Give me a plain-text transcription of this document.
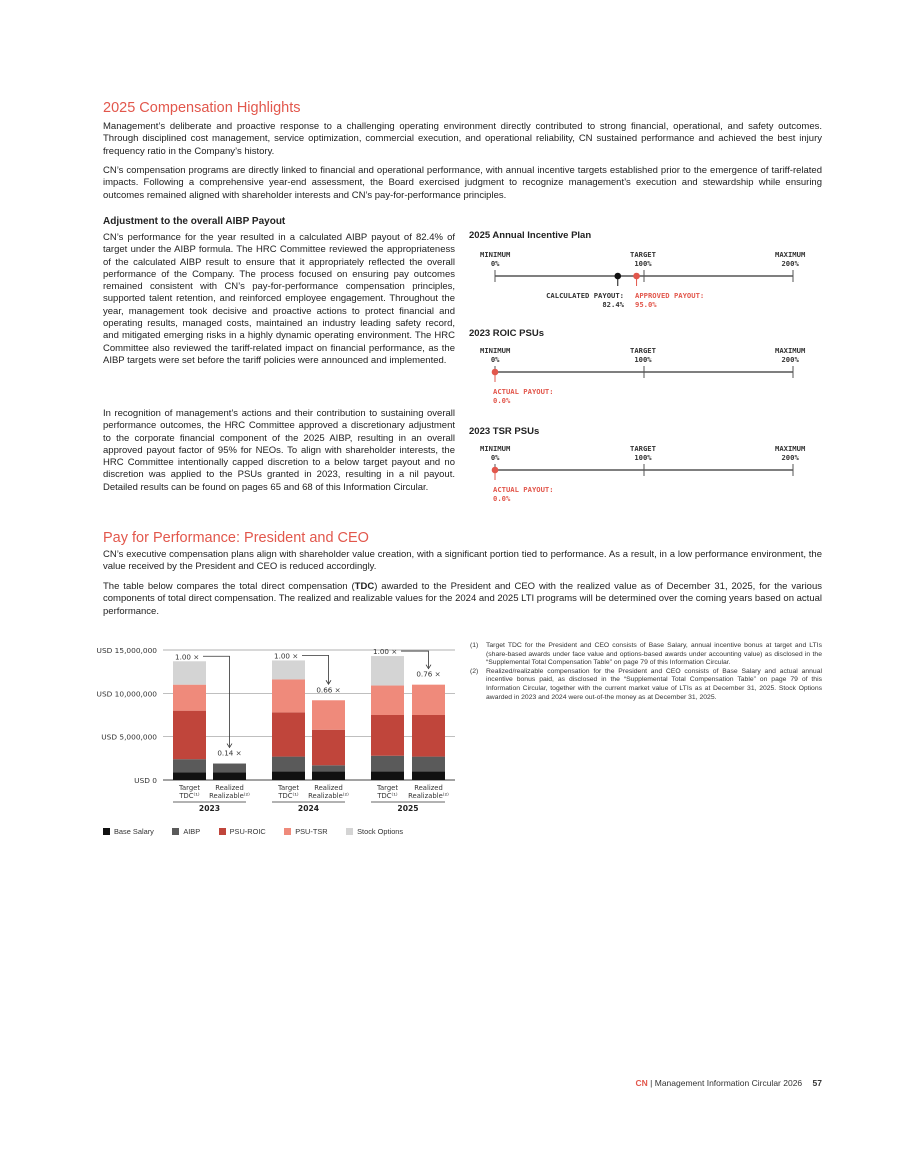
2025 Compensation Highlights

Management’s deliberate and proactive response to a challenging operating environment directly contributed to strong financial, operational, and safety outcomes. Through disciplined cost management, service optimization, commercial execution, and operational reliability, CN sustained performance and achieved the best injury frequency ratio in the Company’s history.

CN’s compensation programs are directly linked to financial and operational performance, with annual incentive targets established prior to the emergence of tariff-related impacts. Following a comprehensive year-end assessment, the Board exercised judgment to recognize management’s execution and stewardship while ensuring outcomes remained aligned with shareholder interests and CN’s pay-for-performance principles.

Adjustment to the overall AIBP Payout

CN’s performance for the year resulted in a calculated AIBP payout of 82.4% of target under the AIBP formula. The HRC Committee reviewed the appropriateness of the calculated AIBP result to ensure that it appropriately reflected the overall performance of the Company. The process focused on ensuring pay outcomes remained consistent with CN’s pay-for-performance compensation principles, supported talent retention, and reinforced employee engagement. Throughout the year, management took decisive and proactive actions to protect financial and operating results, managed costs, maintained an industry leading safety record, and mitigated emerging risks in a highly dynamic operating environment. The HRC Committee also reviewed the tariff-related impact on financial performance, as the AIBP targets were set before the tariff policies were announced and implemented.

In recognition of management’s actions and their contribution to sustaining overall performance outcomes, the HRC Committee approved a discretionary adjustment to the corporate financial component of the 2025 AIBP, resulting in an overall approved payout factor of 95% for NEOs. To align with shareholder interests, the HRC Committee intentionally capped discretion to a below target payout and no discretion was applied to the PSUs granted in 2023, resulting in a nil payout. Detailed results can be found on pages 65 and 68 of this Information Circular.

2025 Annual Incentive Plan
MINIMUM
0%
TARGET
100%
MAXIMUM
200%
CALCULATED PAYOUT:
82.4%
APPROVED PAYOUT:
95.0%
2023 ROIC PSUs
MINIMUM
0%
TARGET
100%
MAXIMUM
200%
ACTUAL PAYOUT:
0.0%
2023 TSR PSUs
MINIMUM
0%
TARGET
100%
MAXIMUM
200%
ACTUAL PAYOUT:
0.0%
Pay for Performance: President and CEO

CN’s executive compensation plans align with shareholder value creation, with a significant portion tied to performance. As a result, in a low performance environment, the value received by the President and CEO is reduced accordingly.

The table below compares the total direct compensation (TDC) awarded to the President and CEO with the realized value as of December 31, 2025, for the various components of total direct compensation. The realized and realizable values for the 2024 and 2025 LTI programs will be determined over the coming years based on actual performance.

USD 15,000,000
USD 10,000,000
USD 5,000,000
USD 0
Target TDC⁽¹⁾
Realized Realizable⁽²⁾
Target TDC⁽¹⁾
Realized Realizable⁽²⁾
Target TDC⁽¹⁾
Realized Realizable⁽²⁾
2023	2024	2025
1.00 ×
0.14 ×
1.00 ×
0.66 ×
1.00 ×
0.76 ×
Base Salary
	AIBP
	PSU-ROIC
	PSU-TSR
	Stock Options
(1)	Target TDC for the President and CEO consists of Base Salary, annual incentive bonus at target and LTIs (share-based awards under face value and options-based awards under accounting value) as disclosed in the “Supplemental Total Compensation Table” on page 79 of this Information Circular.
(2)	Realized/realizable compensation for the President and CEO consists of Base Salary and actual annual incentive bonus paid, as disclosed in the “Supplemental Total Compensation Table” on page 79 of this Information Circular, together with the current market value of LTIs as at December 31, 2025. Stock Options awarded in 2023 and 2024 were out-of-the money as at December 31, 2025.
CN | Management Information Circular 2026 57
